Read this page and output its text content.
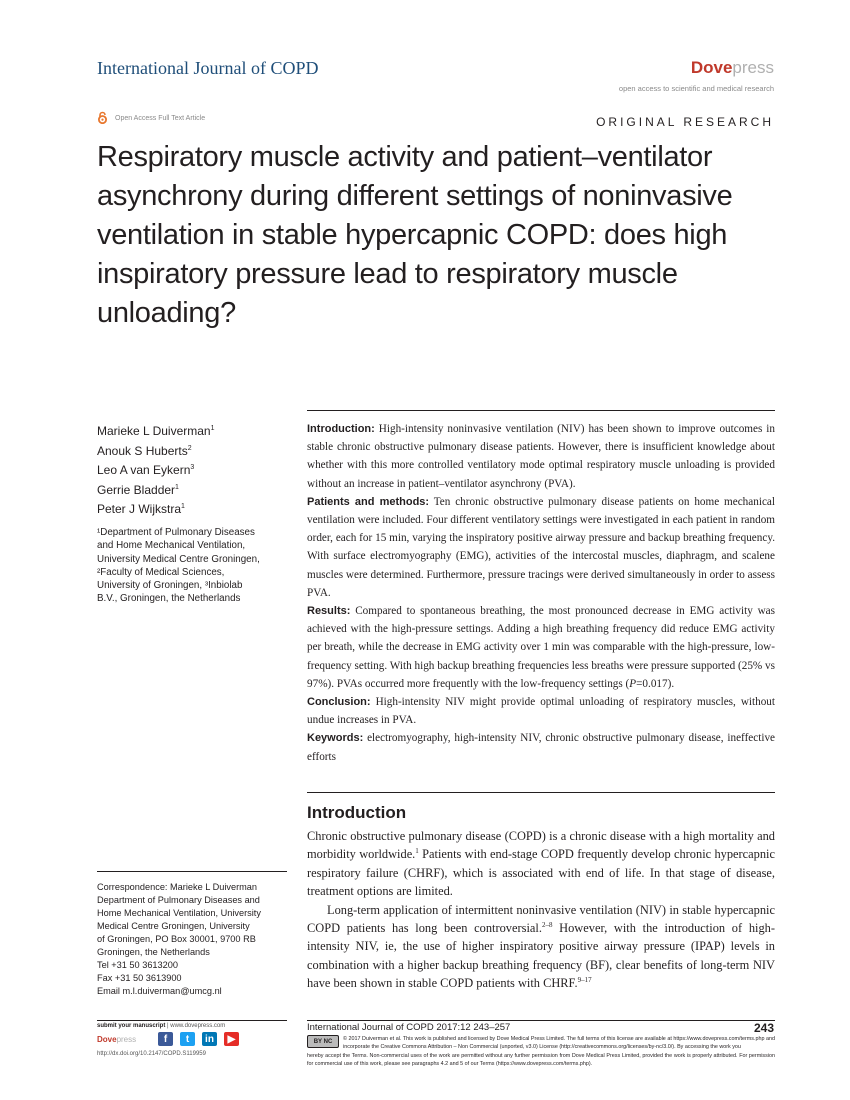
International Journal of COPD	Dovepress
open access to scientific and medical research
Open Access Full Text Article	ORIGINAL RESEARCH
Respiratory muscle activity and patient–ventilator asynchrony during different settings of noninvasive ventilation in stable hypercapnic COPD: does high inspiratory pressure lead to respiratory muscle unloading?
Marieke L Duiverman$^1$
Anouk S Huberts$^2$
Leo A van Eykern$^3$
Gerrie Bladder$^1$
Peter J Wijkstra$^1$
¹Department of Pulmonary Diseases
and Home Mechanical Ventilation,
University Medical Centre Groningen,
²Faculty of Medical Sciences,
University of Groningen, ³Inbiolab
B.V., Groningen, the Netherlands
Correspondence: Marieke L Duiverman
Department of Pulmonary Diseases and
Home Mechanical Ventilation, University
Medical Centre Groningen, University
of Groningen, PO Box 30001, 9700 RB
Groningen, the Netherlands
Tel +31 50 3613200
Fax +31 50 3613900
Email m.l.duiverman@umcg.nl

Introduction: High-intensity noninvasive ventilation (NIV) has been shown to improve outcomes in stable chronic obstructive pulmonary disease patients. However, there is insufficient knowledge about whether with this more controlled ventilatory mode optimal respiratory muscle unloading is provided without an increase in patient–ventilator asynchrony (PVA).

Patients and methods: Ten chronic obstructive pulmonary disease patients on home mechanical ventilation were included. Four different ventilatory settings were investigated in each patient in random order, each for 15 min, varying the inspiratory positive airway pressure and backup breathing frequency. With surface electromyography (EMG), activities of the intercostal muscles, diaphragm, and scalene muscles were determined. Furthermore, pressure tracings were derived simultaneously in order to assess PVA.

Results: Compared to spontaneous breathing, the most pronounced decrease in EMG activity was achieved with the high-pressure settings. Adding a high breathing frequency did reduce EMG activity per breath, while the decrease in EMG activity over 1 min was comparable with the high-pressure, low-frequency setting. With high backup breathing frequencies less breaths were pressure supported (25% vs 97%). PVAs occurred more frequently with the low-frequency settings (P=0.017).

Conclusion: High-intensity NIV might provide optimal unloading of respiratory muscles, without undue increases in PVA.

Keywords: electromyography, high-intensity NIV, chronic obstructive pulmonary disease, ineffective efforts

Introduction

Chronic obstructive pulmonary disease (COPD) is a chronic disease with a high mortality and morbidity worldwide.$^1$ Patients with end-stage COPD frequently develop chronic hypercapnic respiratory failure (CHRF), which is associated with end of life. In that stage of disease, treatment options are limited.

Long-term application of intermittent noninvasive ventilation (NIV) in stable hypercapnic COPD patients has long been controversial.$^{2-8}$ However, with the introduction of high-intensity NIV, ie, the use of higher inspiratory positive airway pressure (IPAP) levels in combination with a higher backup breathing frequency (BF), clear benefits of long-term NIV have been shown in stable COPD patients with CHRF.$^{9-17}$

submit your manuscript | www.dovepress.com
Dovepress	f	t	in	▶
http://dx.doi.org/10.2147/COPD.S119959
International Journal of COPD 2017:12 243–257	243
BY NC	© 2017 Duiverman et al. This work is published and licensed by Dove Medical Press Limited. The full terms of this license are available at https://www.dovepress.com/terms.php and incorporate the Creative Commons Attribution – Non Commercial (unported, v3.0) License (http://creativecommons.org/licenses/by-nc/3.0/). By accessing the work you
hereby accept the Terms. Non-commercial uses of the work are permitted without any further permission from Dove Medical Press Limited, provided the work is properly attributed. For permission for commercial use of this work, please see paragraphs 4.2 and 5 of our Terms (https://www.dovepress.com/terms.php).
